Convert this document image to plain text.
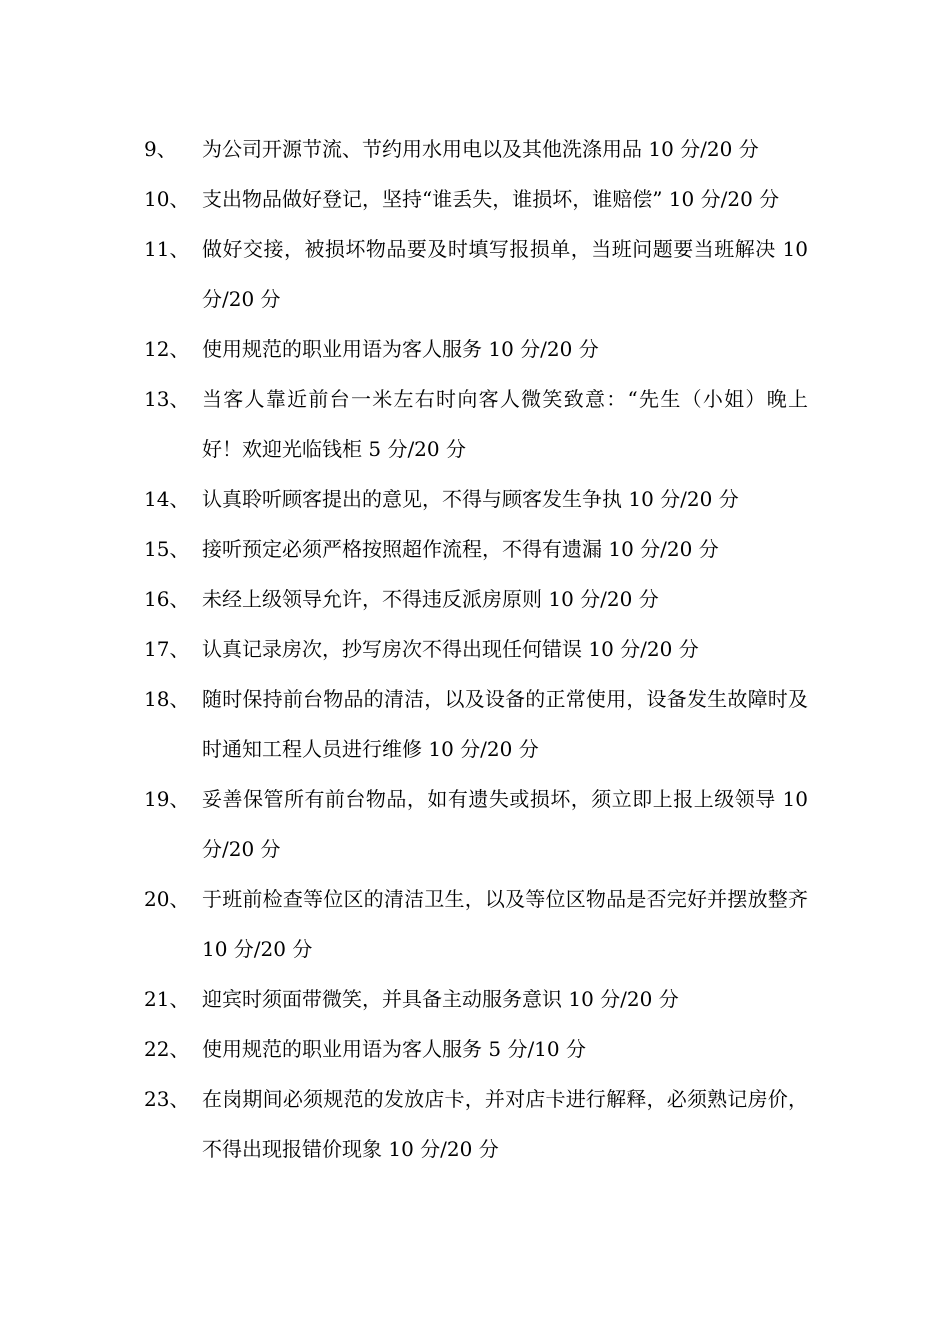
9、	为公司开源节流、节约用水用电以及其他洗涤用品 10 分/20 分
10、 支出物品做好登记，坚持“谁丢失，谁损坏，谁赔偿” 10 分/20 分
11、 做好交接，被损坏物品要及时填写报损单，当班问题要当班解决 10 分/20 分
12、 使用规范的职业用语为客人服务 10 分/20 分
13、 当客人靠近前台一米左右时向客人微笑致意：“先生（小姐）晚上好！欢迎光临钱柜 5 分/20 分
14、 认真聆听顾客提出的意见，不得与顾客发生争执 10 分/20 分
15、 接听预定必须严格按照超作流程，不得有遗漏 10 分/20 分
16、 未经上级领导允许，不得违反派房原则 10 分/20 分
17、 认真记录房次，抄写房次不得出现任何错误 10 分/20 分
18、 随时保持前台物品的清洁，以及设备的正常使用，设备发生故障时及时通知工程人员进行维修 10 分/20 分
19、 妥善保管所有前台物品，如有遗失或损坏，须立即上报上级领导 10 分/20 分
20、 于班前检查等位区的清洁卫生，以及等位区物品是否完好并摆放整齐 10 分/20 分
21、 迎宾时须面带微笑，并具备主动服务意识 10 分/20 分
22、 使用规范的职业用语为客人服务 5 分/10 分
23、 在岗期间必须规范的发放店卡，并对店卡进行解释，必须熟记房价，不得出现报错价现象 10 分/20 分
